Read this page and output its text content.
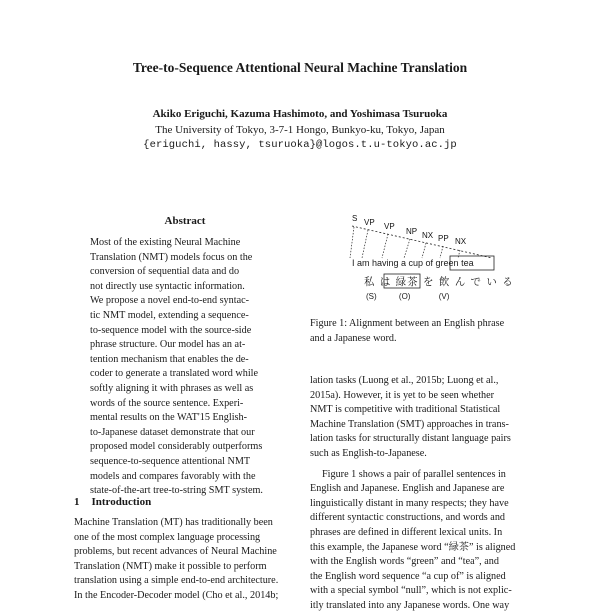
Tree-to-Sequence Attentional Neural Machine Translation
Akiko Eriguchi, Kazuma Hashimoto, and Yoshimasa Tsuruoka
The University of Tokyo, 3-7-1 Hongo, Bunkyo-ku, Tokyo, Japan
{eriguchi, hassy, tsuruoka}@logos.t.u-tokyo.ac.jp
Abstract
Most of the existing Neural Machine
Translation (NMT) models focus on the
conversion of sequential data and do
not directly use syntactic information.
We propose a novel end-to-end syntac-
tic NMT model, extending a sequence-
to-sequence model with the source-side
phrase structure. Our model has an at-
tention mechanism that enables the de-
coder to generate a translated word while
softly aligning it with phrases as well as
words of the source sentence. Experi-
mental results on the WAT'15 English-
to-Japanese dataset demonstrate that our
proposed model considerably outperforms
sequence-to-sequence attentional NMT
models and compares favorably with the
state-of-the-art tree-to-string SMT system.
1 Introduction
Machine Translation (MT) has traditionally been
one of the most complex language processing
problems, but recent advances of Neural Machine
Translation (NMT) make it possible to perform
translation using a simple end-to-end architecture.
In the Encoder-Decoder model (Cho et al., 2014b;
S VP VP
NP NX PP NX
I am having a cup of green tea
私 は 緑茶 を 飲 ん で い る
(S)	(O)	(V)
Figure 1: Alignment between an English phrase
and a Japanese word.
lation tasks (Luong et al., 2015b; Luong et al.,
2015a). However, it is yet to be seen whether
NMT is competitive with traditional Statistical
Machine Translation (SMT) approaches in trans-
lation tasks for structurally distant language pairs
such as English-to-Japanese.
Figure 1 shows a pair of parallel sentences in
English and Japanese. English and Japanese are
linguistically distant in many respects; they have
different syntactic constructions, and words and
phrases are defined in different lexical units. In
this example, the Japanese word “緑茶” is aligned
with the English words “green” and “tea”, and
the English word sequence “a cup of” is aligned
with a special symbol “null”, which is not explic-
itly translated into any Japanese words. One way
